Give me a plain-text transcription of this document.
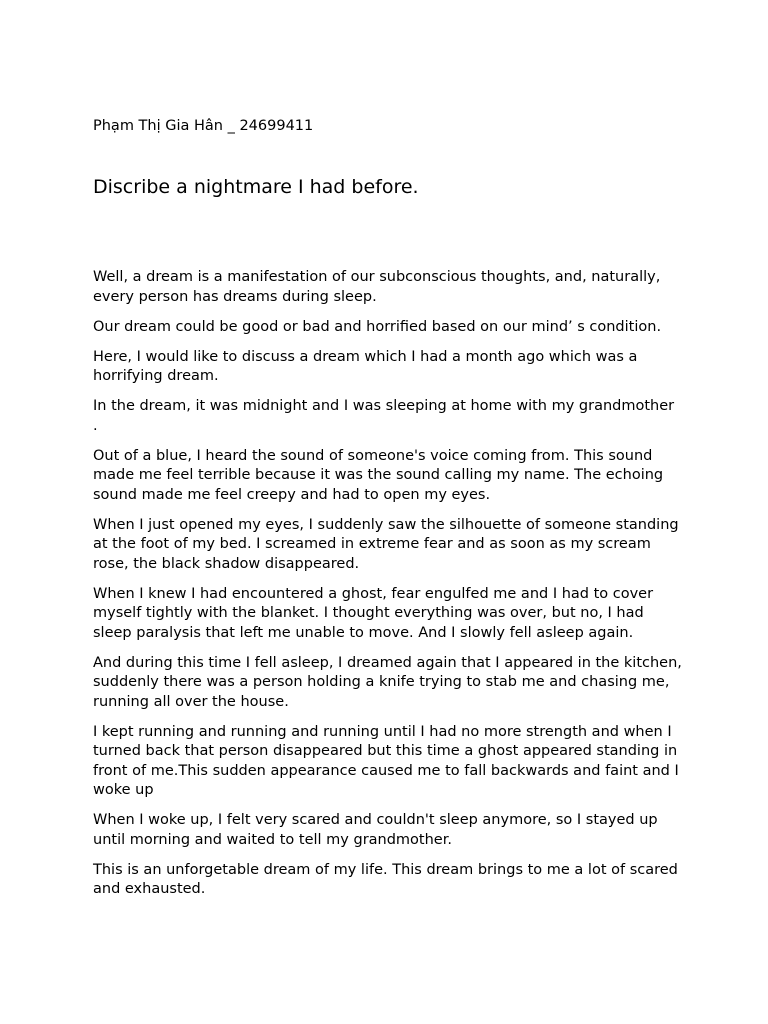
Phạm Thị Gia Hân _ 24699411
Discribe a nightmare I had before.

Well, a dream is a manifestation of our subconscious thoughts, and, naturally, every person has dreams during sleep.

Our dream could be good or bad and horrified based on our mind’ s condition.

Here, I would like to discuss a dream which I had a month ago which was a horrifying dream.

In the dream, it was midnight and I was sleeping at home with my grandmother .

Out of a blue, I heard the sound of someone's voice coming from. This sound made me feel terrible because it was the sound calling my name. The echoing sound made me feel creepy and had to open my eyes.

When I just opened my eyes, I suddenly saw the silhouette of someone standing at the foot of my bed. I screamed in extreme fear and as soon as my scream rose, the black shadow disappeared.

When I knew I had encountered a ghost, fear engulfed me and I had to cover myself tightly with the blanket. I thought everything was over, but no, I had sleep paralysis that left me unable to move. And I slowly fell asleep again.

And during this time I fell asleep, I dreamed again that I appeared in the kitchen, suddenly there was a person holding a knife trying to stab me and chasing me, running all over the house.

I kept running and running and running until I had no more strength and when I turned back that person disappeared but this time a ghost appeared standing in front of me.This sudden appearance caused me to fall backwards and faint and I woke up

When I woke up, I felt very scared and couldn't sleep anymore, so I stayed up until morning and waited to tell my grandmother.

This is an unforgetable dream of my life. This dream brings to me a lot of scared and exhausted.
